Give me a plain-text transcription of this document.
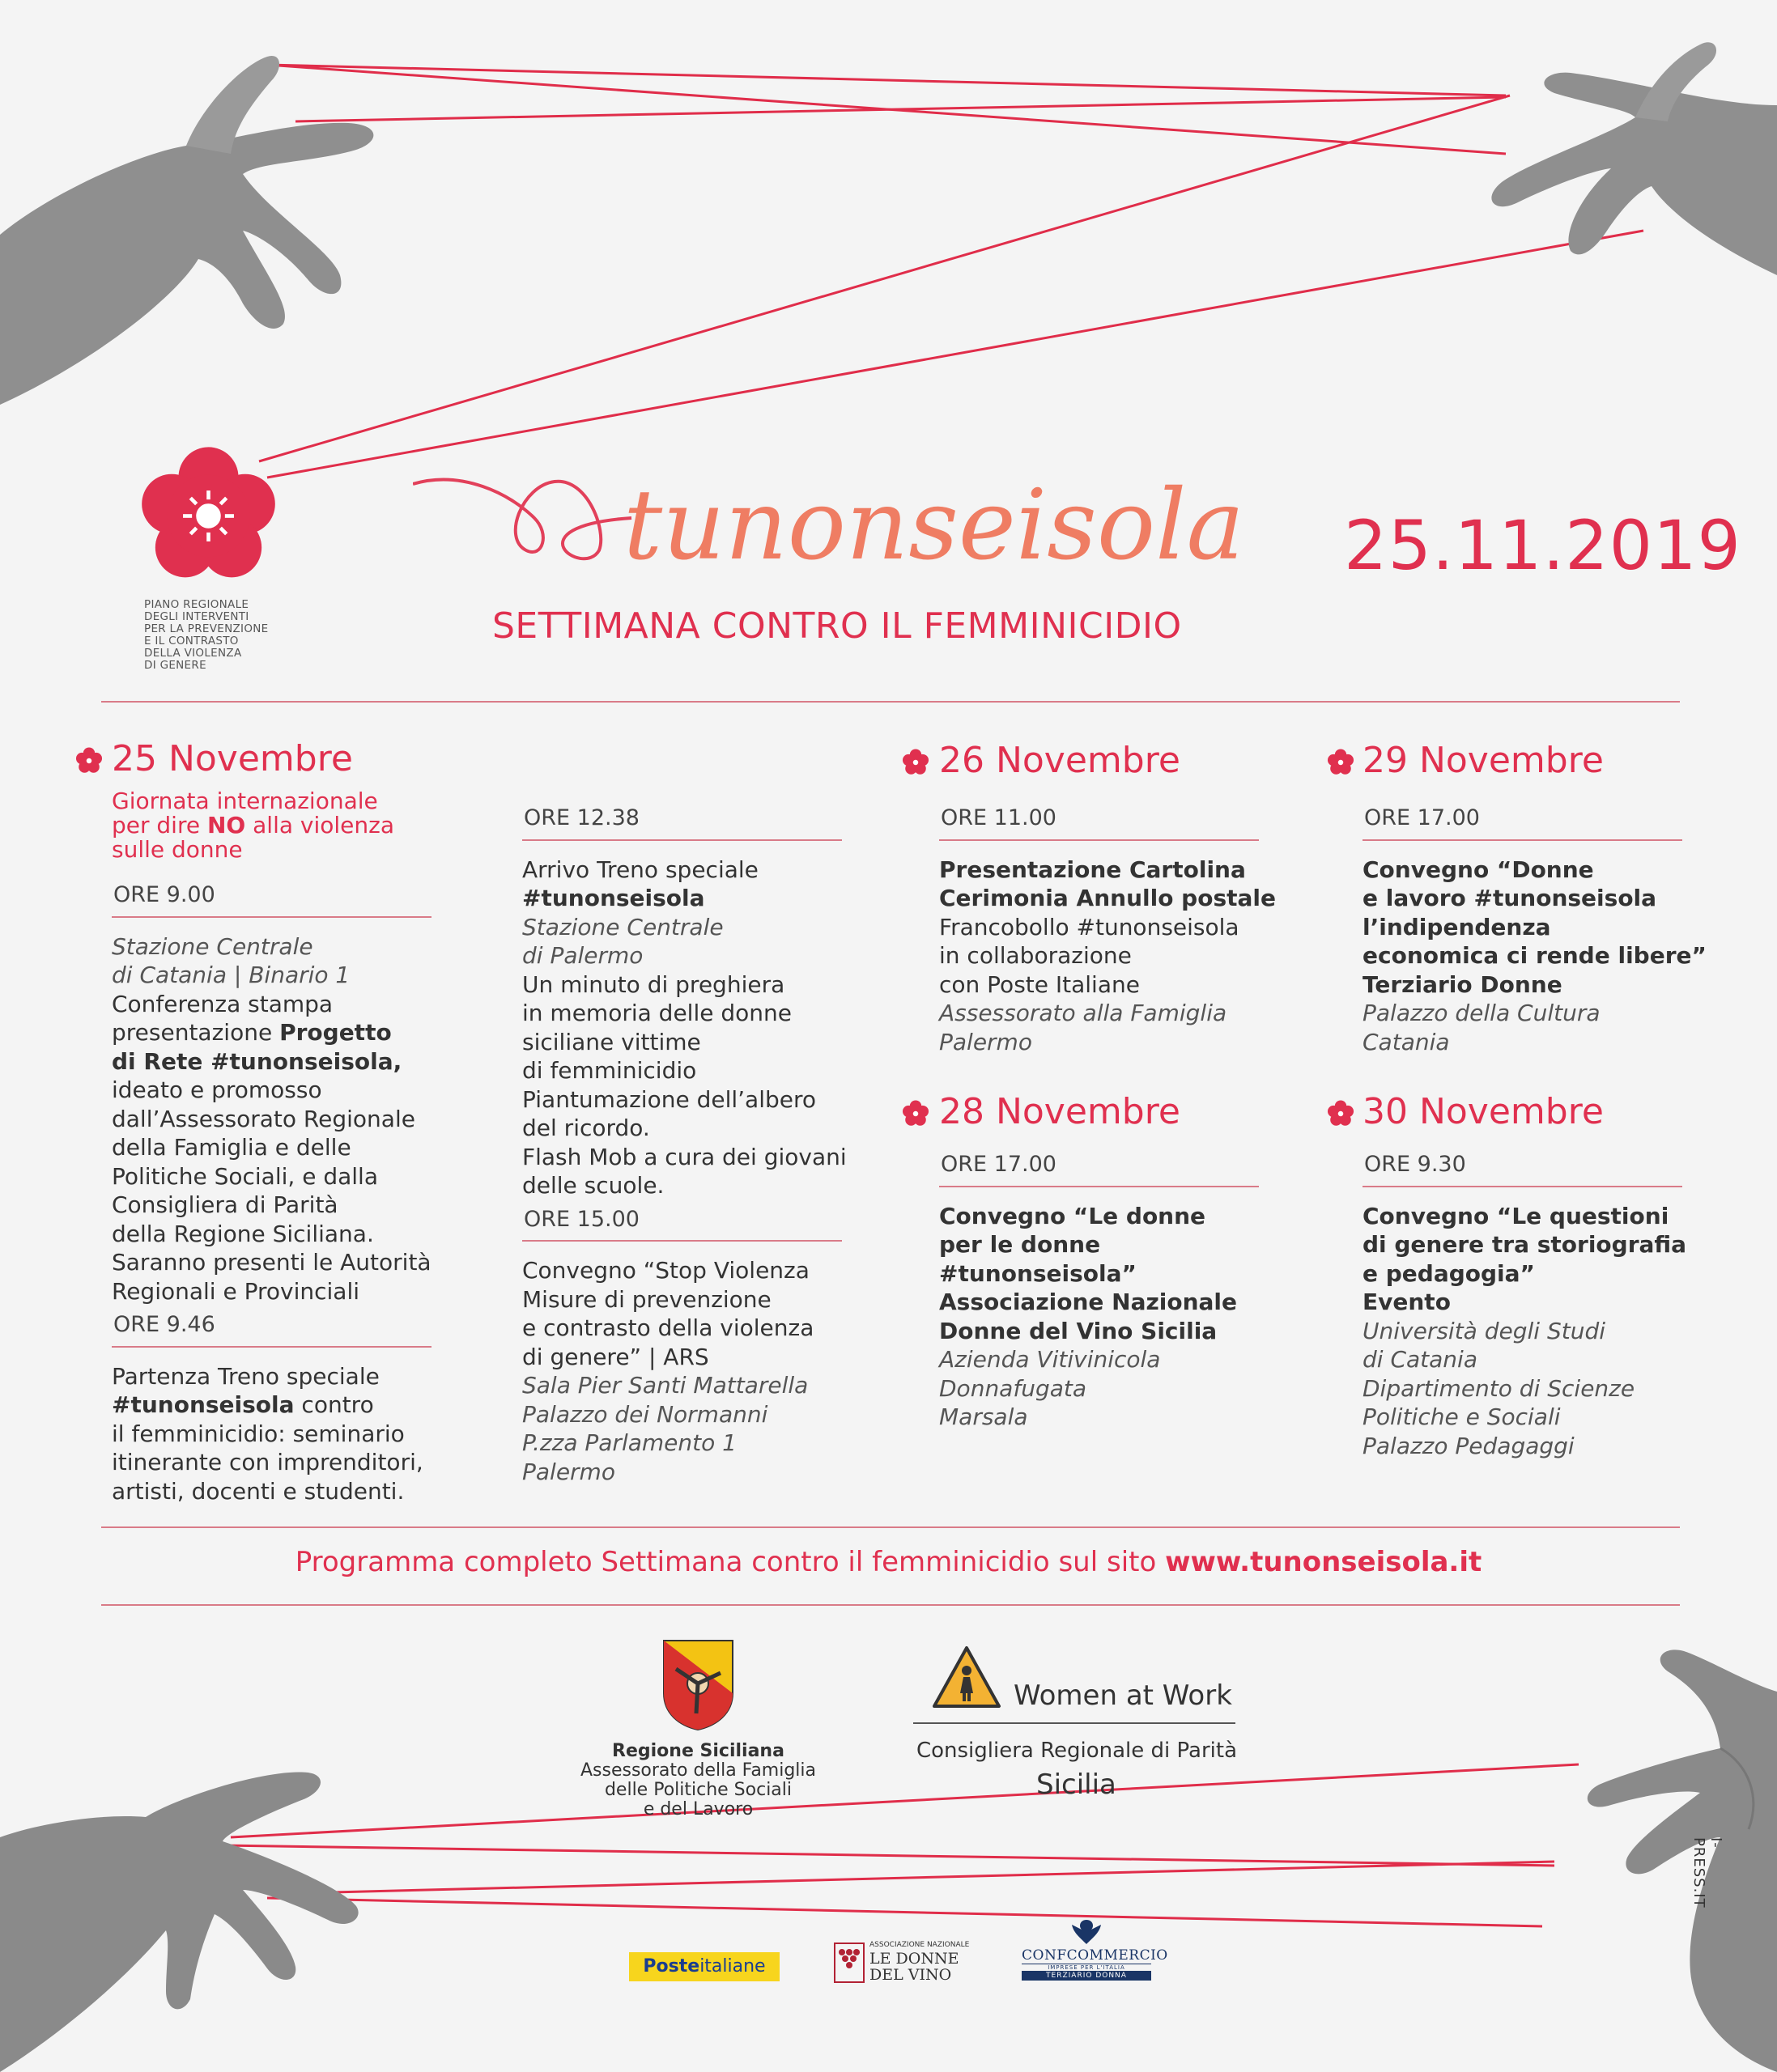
PIANO REGIONALE
DEGLI INTERVENTI
PER LA PREVENZIONE
E IL CONTRASTO
DELLA VIOLENZA
DI GENERE
tunonseisola 25.11.2019
SETTIMANA CONTRO IL FEMMINICIDIO
25 Novembre	26 Novembre	29 Novembre
28 Novembre	30 Novembre
Giornata internazionale
per dire NO alla violenza
sulle donne
ORE 9.00
Stazione Centrale
di Catania | Binario 1
Conferenza stampa
presentazione Progetto
di Rete #tunonseisola,
ideato e promosso
dall’Assessorato Regionale
della Famiglia e delle
Politiche Sociali, e dalla
Consigliera di Parità
della Regione Siciliana.
Saranno presenti le Autorità
Regionali e Provinciali
ORE 9.46
Partenza Treno speciale
#tunonseisola contro
il femminicidio: seminario
itinerante con imprenditori,
artisti, docenti e studenti.
ORE 12.38
Arrivo Treno speciale
#tunonseisola
Stazione Centrale
di Palermo
Un minuto di preghiera
in memoria delle donne
siciliane vittime
di femminicidio
Piantumazione dell’albero
del ricordo.
Flash Mob a cura dei giovani
delle scuole.
ORE 15.00
Convegno “Stop Violenza
Misure di prevenzione
e contrasto della violenza
di genere” | ARS
Sala Pier Santi Mattarella
Palazzo dei Normanni
P.zza Parlamento 1
Palermo
ORE 11.00
Presentazione Cartolina
Cerimonia Annullo postale
Francobollo #tunonseisola
in collaborazione
con Poste Italiane
Assessorato alla Famiglia
Palermo
ORE 17.00
Convegno “Le donne
per le donne
#tunonseisola”
Associazione Nazionale
Donne del Vino Sicilia
Azienda Vitivinicola
Donnafugata
Marsala
ORE 17.00
Convegno “Donne
e lavoro #tunonseisola
l’indipendenza
economica ci rende libere”
Terziario Donne
Palazzo della Cultura
Catania
ORE 9.30
Convegno “Le questioni
di genere tra storiografia
e pedagogia”
Evento
Università degli Studi
di Catania
Dipartimento di Scienze
Politiche e Sociali
Palazzo Pedagaggi
Programma completo Settimana contro il femminicidio sul sito www.tunonseisola.it
Regione Siciliana
Assessorato della Famiglia
delle Politiche Sociali
e del Lavoro
Women at Work
Consigliera Regionale di Parità
Sicilia
Posteitaliane
ASSOCIAZIONE NAZIONALE
LE DONNE DEL VINO
CONFCOMMERCIO
IMPRESE PER L'ITALIA
TERZIARIO DONNA
I-PRESS.IT
